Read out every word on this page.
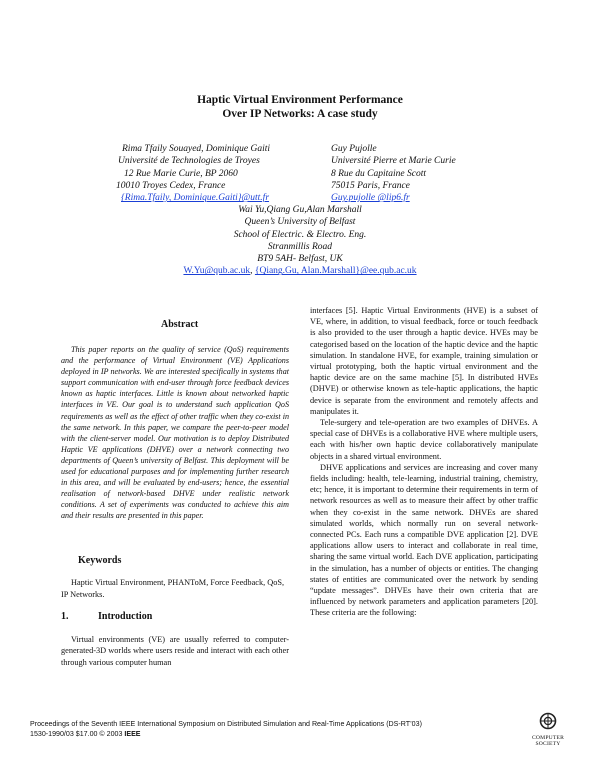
Haptic Virtual Environment Performance
Over IP Networks: A case study
Rima Tfaily Souayed, Dominique Gaiti
Université de Technologies de Troyes
12 Rue Marie Curie, BP 2060
10010 Troyes Cedex, France
{Rima.Tfaily, Dominique.Gaiti}@utt.fr
Guy Pujolle
Université Pierre et Marie Curie
8 Rue du Capitaine Scott
75015 Paris, France
Guy.pujolle @lip6.fr
Wai Yu,Qiang Gu,Alan Marshall
Queen’s University of Belfast
School of Electric. & Electro. Eng.
Stranmillis Road
BT9 5AH- Belfast, UK
W.Yu@qub.ac.uk, {Qiang.Gu, Alan.Marshall}@ee.qub.ac.uk
Abstract
This paper reports on the quality of service (QoS) requirements and the performance of Virtual Environment (VE) Applications deployed in IP networks. We are interested specifically in systems that support communication with end-user through force feedback devices known as haptic interfaces. Little is known about networked haptic interfaces in VE. Our goal is to understand such application QoS requirements as well as the effect of other traffic when they co-exist in the same network. In this paper, we compare the peer-to-peer model with the client-server model. Our motivation is to deploy Distributed Haptic VE applications (DHVE) over a network connecting two departments of Queen’s university of Belfast. This deployment will be used for educational purposes and for implementing further research in this area, and will be evaluated by end-users; hence, the essential realisation of network-based DHVE under realistic network conditions. A set of experiments was conducted to achieve this aim and their results are presented in this paper.
Keywords
Haptic Virtual Environment, PHANToM, Force Feedback, QoS, IP Networks.
1.	Introduction
Virtual environments (VE) are usually referred to computer-generated-3D worlds where users reside and interact with each other through various computer human

interfaces [5]. Haptic Virtual Environments (HVE) is a subset of VE, where, in addition, to visual feedback, force or touch feedback is also provided to the user through a haptic device. HVEs may be categorised based on the location of the haptic device and the haptic simulation. In standalone HVE, for example, training simulation or virtual prototyping, both the haptic virtual environment and the haptic device are on the same machine [5]. In distributed HVEs (DHVE) or otherwise known as tele-haptic applications, the haptic device is separate from the environment and remotely affects and manipulates it.

Tele-surgery and tele-operation are two examples of DHVEs. A special case of DHVEs is a collaborative HVE where multiple users, each with his/her own haptic device collaboratively manipulate objects in a shared virtual environment.

DHVE applications and services are increasing and cover many fields including: health, tele-learning, industrial training, chemistry, etc; hence, it is important to determine their requirements in term of network resources as well as to measure their affect by other traffic when they co-exist in the same network. DHVEs are shared simulated worlds, which normally run on several network-connected PCs. Each runs a compatible DVE application [2]. DVE applications allow users to interact and collaborate in real time, sharing the same virtual world. Each DVE application, participating in the simulation, has a number of objects or entities. The changing states of entities are communicated over the network by sending “update messages”. DHVEs have their own criteria that are influenced by network parameters and application parameters [20]. These criteria are the following:

Proceedings of the Seventh IEEE International Symposium on Distributed Simulation and Real-Time Applications (DS-RT’03)
1530-1990/03 $17.00 © 2003 IEEE	COMPUTER
SOCIETY
